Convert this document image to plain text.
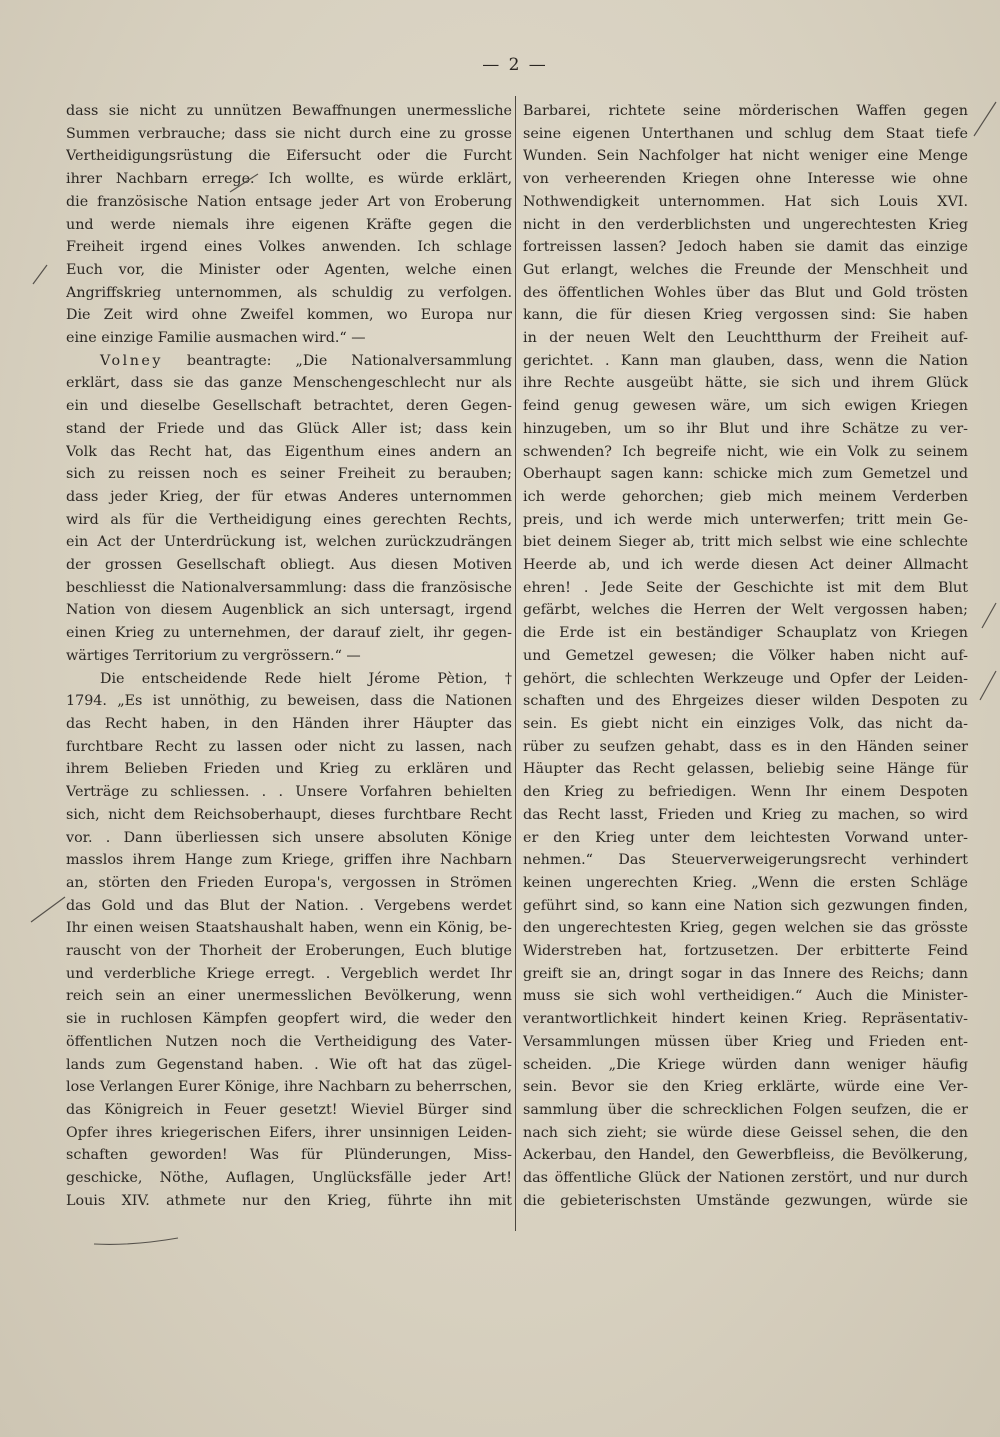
— 2 —
dass sie nicht zu unnützen Bewaffnungen unermessliche
Summen verbrauche; dass sie nicht durch eine zu grosse
Vertheidigungsrüstung die Eifersucht oder die Furcht
ihrer Nachbarn errege. Ich wollte, es würde erklärt,
die französische Nation entsage jeder Art von Eroberung
und werde niemals ihre eigenen Kräfte gegen die
Freiheit irgend eines Volkes anwenden. Ich schlage
Euch vor, die Minister oder Agenten, welche einen
Angriffskrieg unternommen, als schuldig zu verfolgen.
Die Zeit wird ohne Zweifel kommen, wo Europa nur
eine einzige Familie ausmachen wird.“ —
Volney beantragte: „Die Nationalversammlung
erklärt, dass sie das ganze Menschengeschlecht nur als
ein und dieselbe Gesellschaft betrachtet, deren Gegen-
stand der Friede und das Glück Aller ist; dass kein
Volk das Recht hat, das Eigenthum eines andern an
sich zu reissen noch es seiner Freiheit zu berauben;
dass jeder Krieg, der für etwas Anderes unternommen
wird als für die Vertheidigung eines gerechten Rechts,
ein Act der Unterdrückung ist, welchen zurückzudrängen
der grossen Gesellschaft obliegt. Aus diesen Motiven
beschliesst die Nationalversammlung: dass die französische
Nation von diesem Augenblick an sich untersagt, irgend
einen Krieg zu unternehmen, der darauf zielt, ihr gegen-
wärtiges Territorium zu vergrössern.“ —
Die entscheidende Rede hielt Jérome Pètion, †
1794. „Es ist unnöthig, zu beweisen, dass die Nationen
das Recht haben, in den Händen ihrer Häupter das
furchtbare Recht zu lassen oder nicht zu lassen, nach
ihrem Belieben Frieden und Krieg zu erklären und
Verträge zu schliessen. . . Unsere Vorfahren behielten
sich, nicht dem Reichsoberhaupt, dieses furchtbare Recht
vor. . Dann überliessen sich unsere absoluten Könige
masslos ihrem Hange zum Kriege, griffen ihre Nachbarn
an, störten den Frieden Europa's, vergossen in Strömen
das Gold und das Blut der Nation. . Vergebens werdet
Ihr einen weisen Staatshaushalt haben, wenn ein König, be-
rauscht von der Thorheit der Eroberungen, Euch blutige
und verderbliche Kriege erregt. . Vergeblich werdet Ihr
reich sein an einer unermesslichen Bevölkerung, wenn
sie in ruchlosen Kämpfen geopfert wird, die weder den
öffentlichen Nutzen noch die Vertheidigung des Vater-
lands zum Gegenstand haben. . Wie oft hat das zügel-
lose Verlangen Eurer Könige, ihre Nachbarn zu beherrschen,
das Königreich in Feuer gesetzt! Wieviel Bürger sind
Opfer ihres kriegerischen Eifers, ihrer unsinnigen Leiden-
schaften geworden! Was für Plünderungen, Miss-
geschicke, Nöthe, Auflagen, Unglücksfälle jeder Art!
Louis XIV. athmete nur den Krieg, führte ihn mit
Barbarei, richtete seine mörderischen Waffen gegen
seine eigenen Unterthanen und schlug dem Staat tiefe
Wunden. Sein Nachfolger hat nicht weniger eine Menge
von verheerenden Kriegen ohne Interesse wie ohne
Nothwendigkeit unternommen. Hat sich Louis XVI.
nicht in den verderblichsten und ungerechtesten Krieg
fortreissen lassen? Jedoch haben sie damit das einzige
Gut erlangt, welches die Freunde der Menschheit und
des öffentlichen Wohles über das Blut und Gold trösten
kann, die für diesen Krieg vergossen sind: Sie haben
in der neuen Welt den Leuchtthurm der Freiheit auf-
gerichtet. . Kann man glauben, dass, wenn die Nation
ihre Rechte ausgeübt hätte, sie sich und ihrem Glück
feind genug gewesen wäre, um sich ewigen Kriegen
hinzugeben, um so ihr Blut und ihre Schätze zu ver-
schwenden? Ich begreife nicht, wie ein Volk zu seinem
Oberhaupt sagen kann: schicke mich zum Gemetzel und
ich werde gehorchen; gieb mich meinem Verderben
preis, und ich werde mich unterwerfen; tritt mein Ge-
biet deinem Sieger ab, tritt mich selbst wie eine schlechte
Heerde ab, und ich werde diesen Act deiner Allmacht
ehren! . Jede Seite der Geschichte ist mit dem Blut
gefärbt, welches die Herren der Welt vergossen haben;
die Erde ist ein beständiger Schauplatz von Kriegen
und Gemetzel gewesen; die Völker haben nicht auf-
gehört, die schlechten Werkzeuge und Opfer der Leiden-
schaften und des Ehrgeizes dieser wilden Despoten zu
sein. Es giebt nicht ein einziges Volk, das nicht da-
rüber zu seufzen gehabt, dass es in den Händen seiner
Häupter das Recht gelassen, beliebig seine Hänge für
den Krieg zu befriedigen. Wenn Ihr einem Despoten
das Recht lasst, Frieden und Krieg zu machen, so wird
er den Krieg unter dem leichtesten Vorwand unter-
nehmen.“ Das Steuerverweigerungsrecht verhindert
keinen ungerechten Krieg. „Wenn die ersten Schläge
geführt sind, so kann eine Nation sich gezwungen finden,
den ungerechtesten Krieg, gegen welchen sie das grösste
Widerstreben hat, fortzusetzen. Der erbitterte Feind
greift sie an, dringt sogar in das Innere des Reichs; dann
muss sie sich wohl vertheidigen.“ Auch die Minister-
verantwortlichkeit hindert keinen Krieg. Repräsentativ-
Versammlungen müssen über Krieg und Frieden ent-
scheiden. „Die Kriege würden dann weniger häufig
sein. Bevor sie den Krieg erklärte, würde eine Ver-
sammlung über die schrecklichen Folgen seufzen, die er
nach sich zieht; sie würde diese Geissel sehen, die den
Ackerbau, den Handel, den Gewerbfleiss, die Bevölkerung,
das öffentliche Glück der Nationen zerstört, und nur durch
die gebieterischsten Umstände gezwungen, würde sie
